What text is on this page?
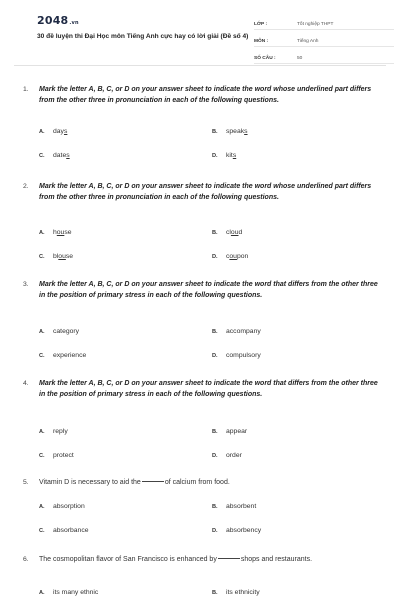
2048.vn
30 đề luyện thi Đại Học môn Tiếng Anh cực hay có lời giải (Đề số 4)
LỚP :	Tốt nghiệp THPT
MÔN :	Tiếng Anh
SỐ CÂU :	50
1. Mark the letter A, B, C, or D on your answer sheet to indicate the word whose underlined part differs from the other three in pronunciation in each of the following questions.
A.	days	B.	speaks
C.	dates	D.	kits
2. Mark the letter A, B, C, or D on your answer sheet to indicate the word whose underlined part differs from the other three in pronunciation in each of the following questions.
A.	house	B.	cloud
C.	blouse	D.	coupon
3. Mark the letter A, B, C, or D on your answer sheet to indicate the word that differs from the other three in the position of primary stress in each of the following questions.
A.	category	B.	accompany
C.	experience	D.	compulsory
4. Mark the letter A, B, C, or D on your answer sheet to indicate the word that differs from the other three in the position of primary stress in each of the following questions.
A.	reply	B.	appear
C.	protect	D.	order
5. Vitamin D is necessary to aid the	of calcium from food.
A.	absorption	B.	absorbent
C.	absorbance	D.	absorbency
6. The cosmopolitan flavor of San Francisco is enhanced by	shops and restaurants.
A.	its many ethnic	B.	its ethnicity
